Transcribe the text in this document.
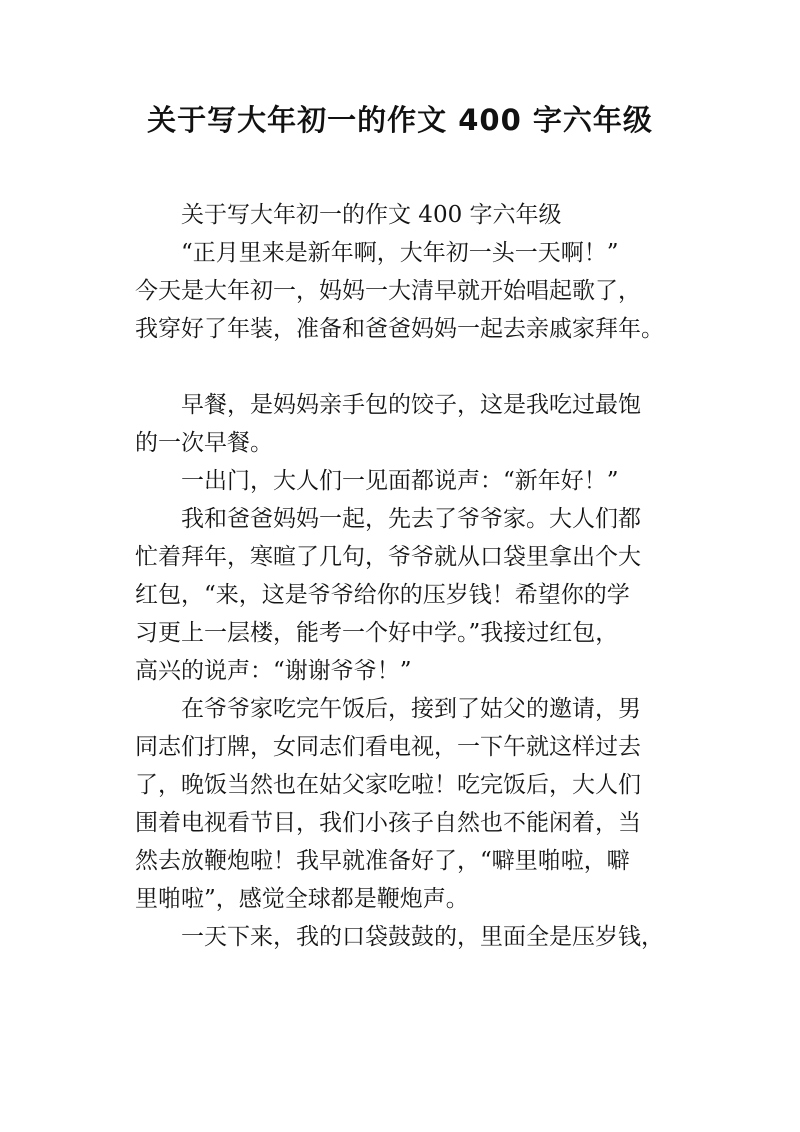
关于写大年初一的作文 400 字六年级
关于写大年初一的作文 400 字六年级
“正月里来是新年啊，大年初一头一天啊！”
今天是大年初一，妈妈一大清早就开始唱起歌了，
我穿好了年装，准备和爸爸妈妈一起去亲戚家拜年。
早餐，是妈妈亲手包的饺子，这是我吃过最饱
的一次早餐。
一出门，大人们一见面都说声：“新年好！”
我和爸爸妈妈一起，先去了爷爷家。大人们都
忙着拜年，寒暄了几句，爷爷就从口袋里拿出个大
红包，“来，这是爷爷给你的压岁钱！希望你的学
习更上一层楼，能考一个好中学。”我接过红包，
高兴的说声：“谢谢爷爷！”
在爷爷家吃完午饭后，接到了姑父的邀请，男
同志们打牌，女同志们看电视，一下午就这样过去
了，晚饭当然也在姑父家吃啦！吃完饭后，大人们
围着电视看节目，我们小孩子自然也不能闲着，当
然去放鞭炮啦！我早就准备好了，“噼里啪啦，噼
里啪啦”，感觉全球都是鞭炮声。
一天下来，我的口袋鼓鼓的，里面全是压岁钱，
